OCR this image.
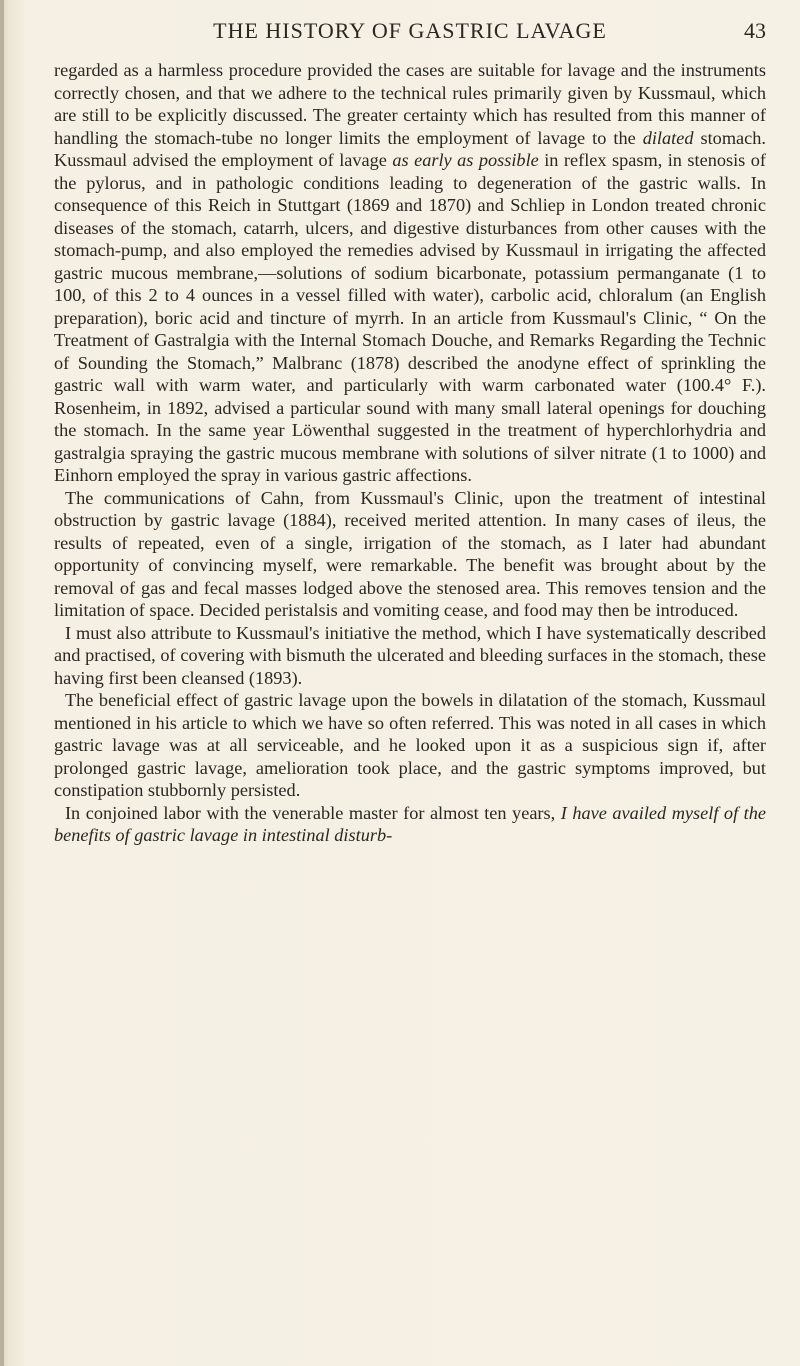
THE HISTORY OF GASTRIC LAVAGE	43

regarded as a harmless procedure provided the cases are suitable for lavage and the instruments correctly chosen, and that we adhere to the technical rules primarily given by Kussmaul, which are still to be explicitly discussed. The greater certainty which has resulted from this manner of handling the stomach-tube no longer limits the employment of lavage to the dilated stomach. Kussmaul advised the employment of lavage as early as possible in reflex spasm, in stenosis of the pylorus, and in pathologic conditions leading to degeneration of the gastric walls. In consequence of this Reich in Stuttgart (1869 and 1870) and Schliep in London treated chronic diseases of the stomach, catarrh, ulcers, and digestive disturbances from other causes with the stomach-pump, and also employed the remedies advised by Kussmaul in irrigating the affected gastric mucous membrane,—solutions of sodium bicarbonate, potassium permanganate (1 to 100, of this 2 to 4 ounces in a vessel filled with water), carbolic acid, chloralum (an English preparation), boric acid and tincture of myrrh. In an article from Kussmaul's Clinic, “ On the Treatment of Gastralgia with the Internal Stomach Douche, and Remarks Regarding the Technic of Sounding the Stomach,” Malbranc (1878) described the anodyne effect of sprinkling the gastric wall with warm water, and particularly with warm carbonated water (100.4° F.). Rosenheim, in 1892, advised a particular sound with many small lateral openings for douching the stomach. In the same year Löwenthal suggested in the treatment of hyperchlorhydria and gastralgia spraying the gastric mucous membrane with solutions of silver nitrate (1 to 1000) and Einhorn employed the spray in various gastric affections.

The communications of Cahn, from Kussmaul's Clinic, upon the treatment of intestinal obstruction by gastric lavage (1884), received merited attention. In many cases of ileus, the results of repeated, even of a single, irrigation of the stomach, as I later had abundant opportunity of convincing myself, were remarkable. The benefit was brought about by the removal of gas and fecal masses lodged above the stenosed area. This removes tension and the limitation of space. Decided peristalsis and vomiting cease, and food may then be introduced.

I must also attribute to Kussmaul's initiative the method, which I have systematically described and practised, of covering with bismuth the ulcerated and bleeding surfaces in the stomach, these having first been cleansed (1893).

The beneficial effect of gastric lavage upon the bowels in dilatation of the stomach, Kussmaul mentioned in his article to which we have so often referred. This was noted in all cases in which gastric lavage was at all serviceable, and he looked upon it as a suspicious sign if, after prolonged gastric lavage, amelioration took place, and the gastric symptoms improved, but constipation stubbornly persisted.

In conjoined labor with the venerable master for almost ten years, I have availed myself of the benefits of gastric lavage in intestinal disturb-
